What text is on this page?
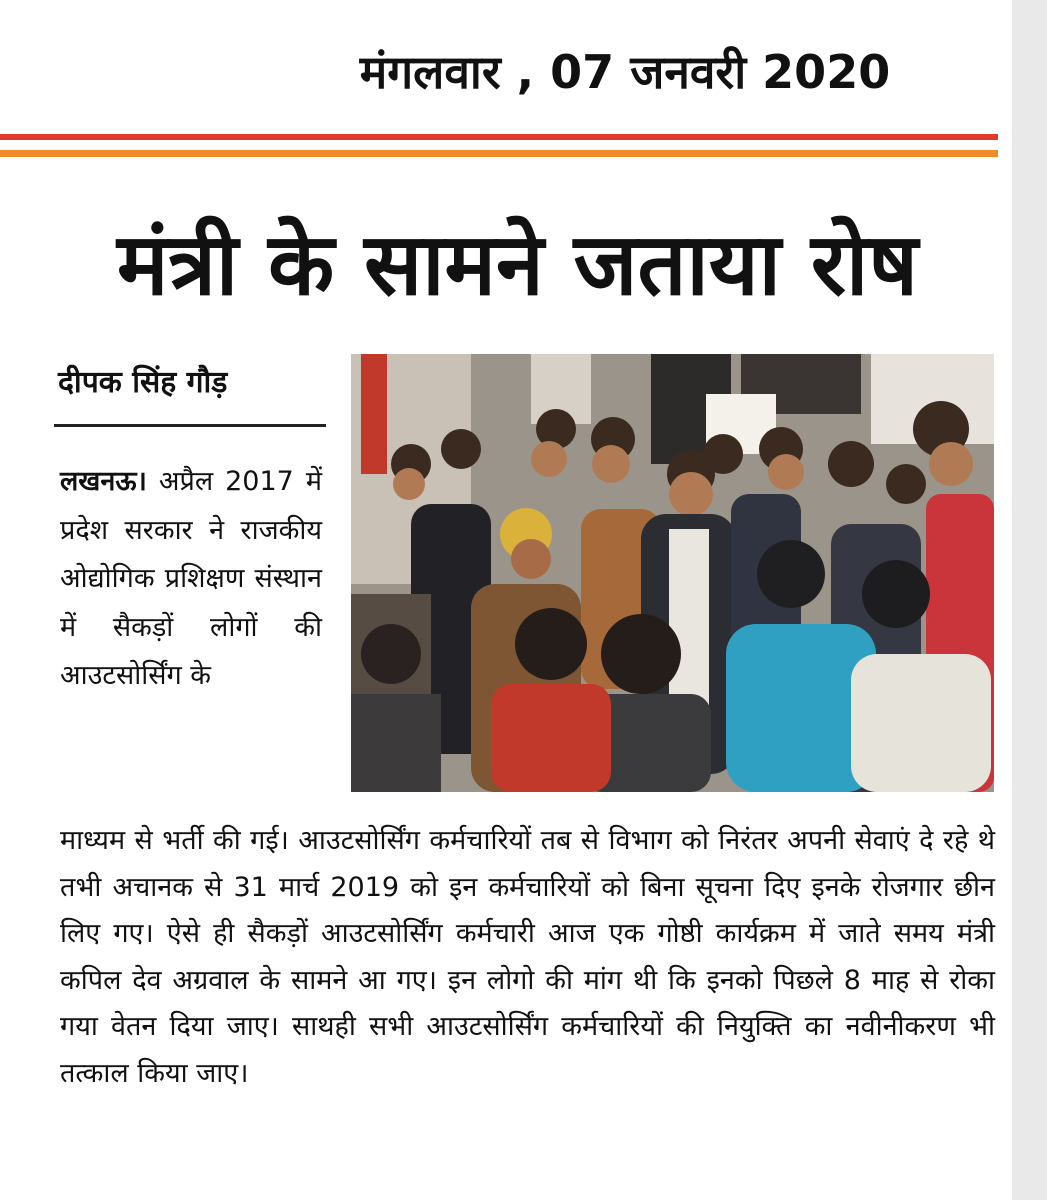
मंगलवार , 07 जनवरी 2020
मंत्री के सामने जताया रोष
दीपक सिंह गौड़

लखनऊ। अप्रैल 2017 में प्रदेश सरकार ने राजकीय ओद्योगिक प्रशिक्षण संस्थान में सैकड़ों लोगों की आउटसोर्सिंग के

माध्यम से भर्ती की गई। आउटसोर्सिंग कर्मचारियों तब से विभाग को निरंतर अपनी सेवाएं दे रहे थे तभी अचानक से 31 मार्च 2019 को इन कर्मचारियों को बिना सूचना दिए इनके रोजगार छीन लिए गए। ऐसे ही सैकड़ों आउटसोर्सिंग कर्मचारी आज एक गोष्ठी कार्यक्रम में जाते समय मंत्री कपिल देव अग्रवाल के सामने आ गए। इन लोगो की मांग थी कि इनको पिछले 8 माह से रोका गया वेतन दिया जाए। साथही सभी आउटसोर्सिंग कर्मचारियों की नियुक्ति का नवीनीकरण भी तत्काल किया जाए।
